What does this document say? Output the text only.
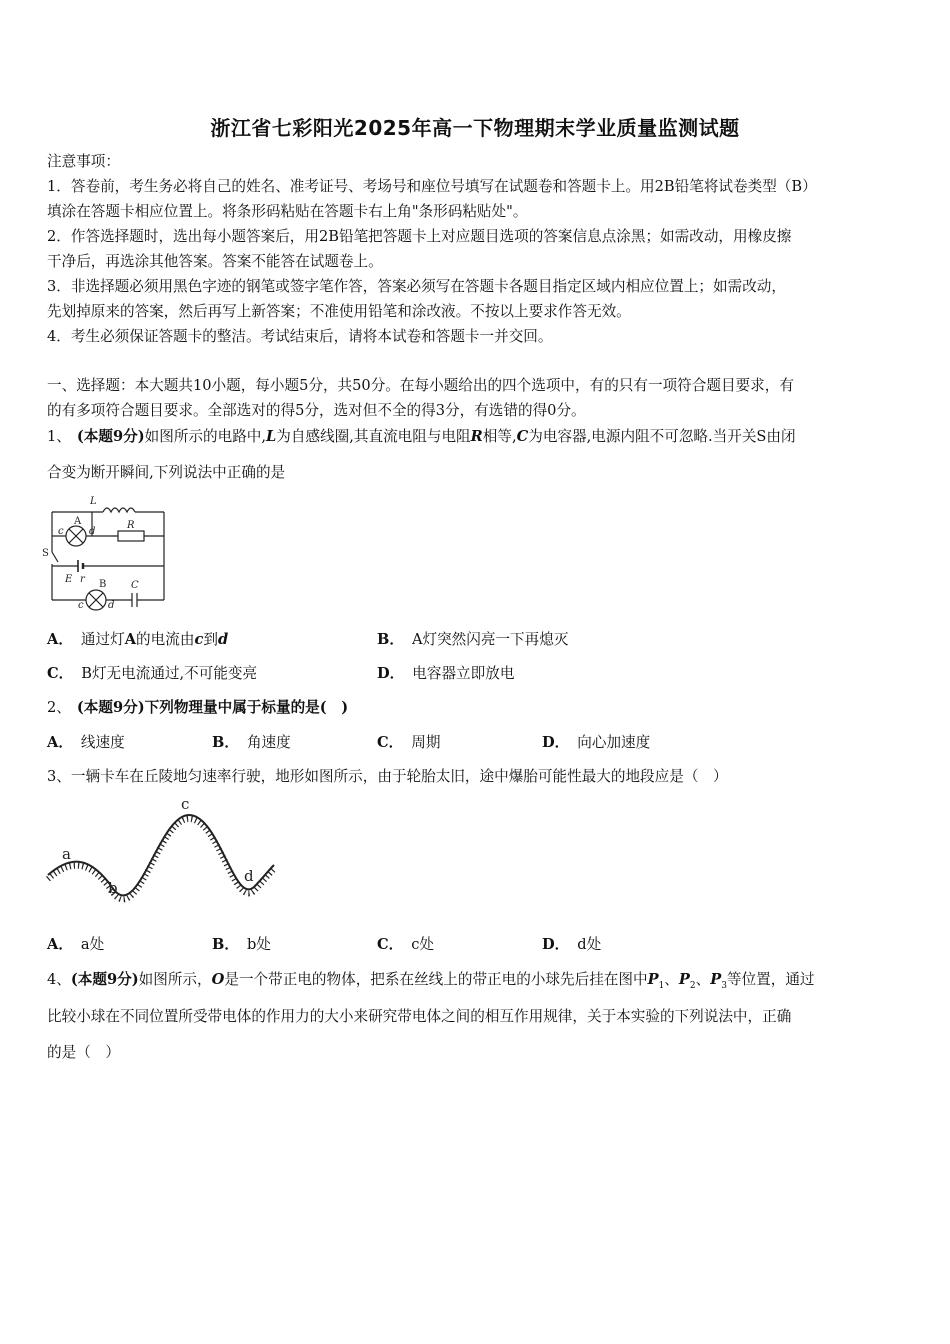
浙江省七彩阳光2025年高一下物理期末学业质量监测试题
注意事项：
1．答卷前，考生务必将自己的姓名、准考证号、考场号和座位号填写在试题卷和答题卡上。用2B铅笔将试卷类型（B）
填涂在答题卡相应位置上。将条形码粘贴在答题卡右上角"条形码粘贴处"。
2．作答选择题时，选出每小题答案后，用2B铅笔把答题卡上对应题目选项的答案信息点涂黑；如需改动，用橡皮擦
干净后，再选涂其他答案。答案不能答在试题卷上。
3．非选择题必须用黑色字迹的钢笔或签字笔作答，答案必须写在答题卡各题目指定区域内相应位置上；如需改动，
先划掉原来的答案，然后再写上新答案；不准使用铅笔和涂改液。不按以上要求作答无效。
4．考生必须保证答题卡的整洁。考试结束后，请将本试卷和答题卡一并交回。
一、选择题：本大题共10小题，每小题5分，共50分。在每小题给出的四个选项中，有的只有一项符合题目要求，有
的有多项符合题目要求。全部选对的得5分，选对但不全的得3分，有选错的得0分。
1、 (本题9分)如图所示的电路中,L为自感线圈,其直流电阻与电阻R相等,C为电容器,电源内阻不可忽略.当开关S由闭
合变为断开瞬间,下列说法中正确的是
L
A
c	d
R
S
E r B C
c d
A． 通过灯A的电流由c到d	B． A灯突然闪亮一下再熄灭
C． B灯无电流通过,不可能变亮	D． 电容器立即放电
2、 (本题9分)下列物理量中属于标量的是(　)
A． 线速度	B． 角速度	C． 周期	D． 向心加速度
3、一辆卡车在丘陵地匀速率行驶，地形如图所示，由于轮胎太旧，途中爆胎可能性最大的地段应是（　）
a
b
c
d
A． a处	B． b处	C． c处	D． d处
4、(本题9分)如图所示，O是一个带正电的物体，把系在丝线上的带正电的小球先后挂在图中$P_1$、$P_2$、$P_3$等位置，通过
比较小球在不同位置所受带电体的作用力的大小来研究带电体之间的相互作用规律，关于本实验的下列说法中，正确
的是（　）
